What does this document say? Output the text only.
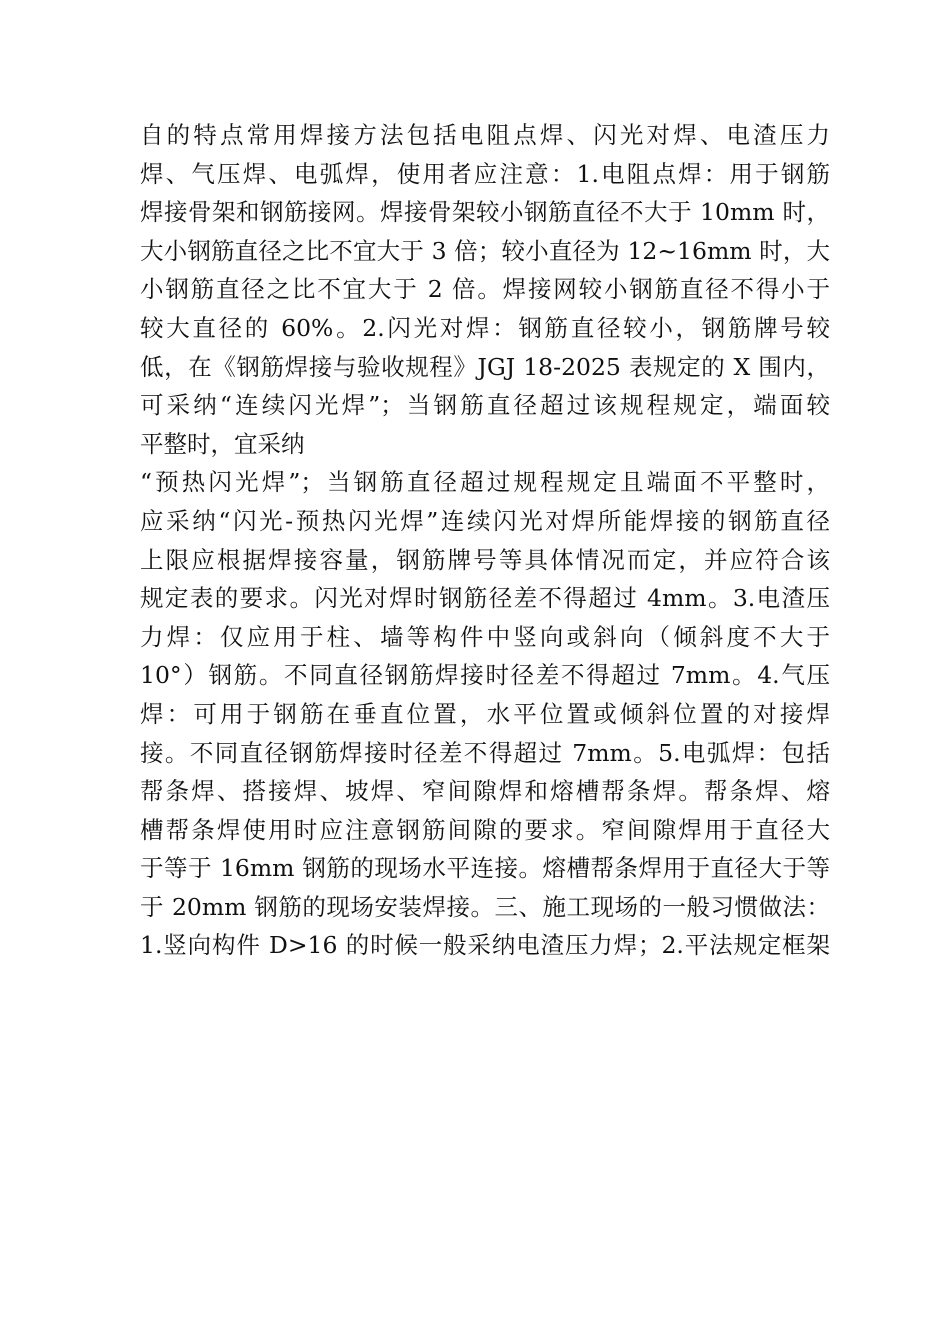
自的特点常用焊接方法包括电阻点焊、闪光对焊、电渣压力
焊、气压焊、电弧焊，使用者应注意：1.电阻点焊：用于钢筋
焊接骨架和钢筋接网。焊接骨架较小钢筋直径不大于 10mm 时，
大小钢筋直径之比不宜大于 3 倍；较小直径为 12~16mm 时，大
小钢筋直径之比不宜大于 2 倍。焊接网较小钢筋直径不得小于
较大直径的 60%。2.闪光对焊：钢筋直径较小，钢筋牌号较
低，在《钢筋焊接与验收规程》JGJ 18-2025 表规定的 X 围内，
可采纳“连续闪光焊”；当钢筋直径超过该规程规定，端面较
平整时，宜采纳
“预热闪光焊”；当钢筋直径超过规程规定且端面不平整时，
应采纳“闪光-预热闪光焊”连续闪光对焊所能焊接的钢筋直径
上限应根据焊接容量，钢筋牌号等具体情况而定，并应符合该
规定表的要求。闪光对焊时钢筋径差不得超过 4mm。3.电渣压
力焊：仅应用于柱、墙等构件中竖向或斜向（倾斜度不大于
10°）钢筋。不同直径钢筋焊接时径差不得超过 7mm。4.气压
焊：可用于钢筋在垂直位置，水平位置或倾斜位置的对接焊
接。不同直径钢筋焊接时径差不得超过 7mm。5.电弧焊：包括
帮条焊、搭接焊、坡焊、窄间隙焊和熔槽帮条焊。帮条焊、熔
槽帮条焊使用时应注意钢筋间隙的要求。窄间隙焊用于直径大
于等于 16mm 钢筋的现场水平连接。熔槽帮条焊用于直径大于等
于 20mm 钢筋的现场安装焊接。三、施工现场的一般习惯做法：
1.竖向构件 D>16 的时候一般采纳电渣压力焊；2.平法规定框架
